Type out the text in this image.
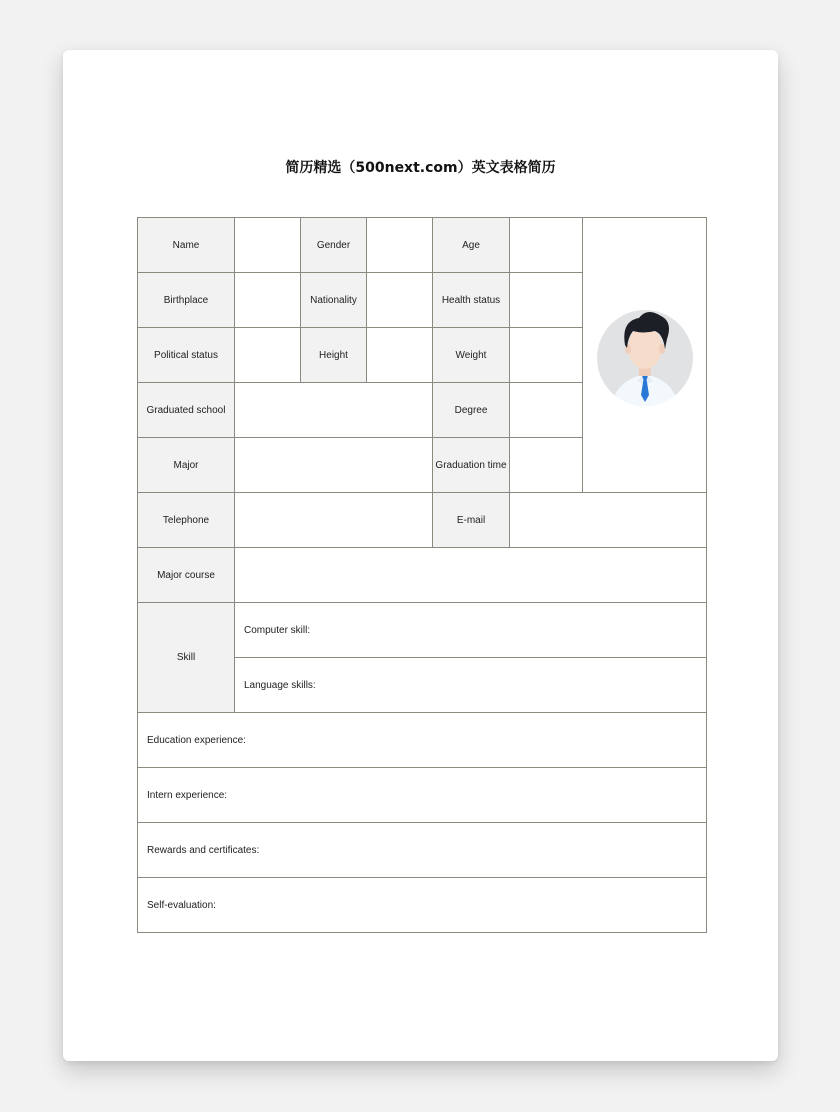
简历精选（500next.com）英文表格简历
Name		Gender		Age		

Birthplace		Nationality		Health status		
Political status		Height		Weight		
Graduated school				Degree		
Major				Graduation time		
Telephone				E-mail		
Major course						
Skill	Computer skill:					
	Language skills:					
Education experience:						
Intern experience:						
Rewards and certificates:						
Self-evaluation:						
